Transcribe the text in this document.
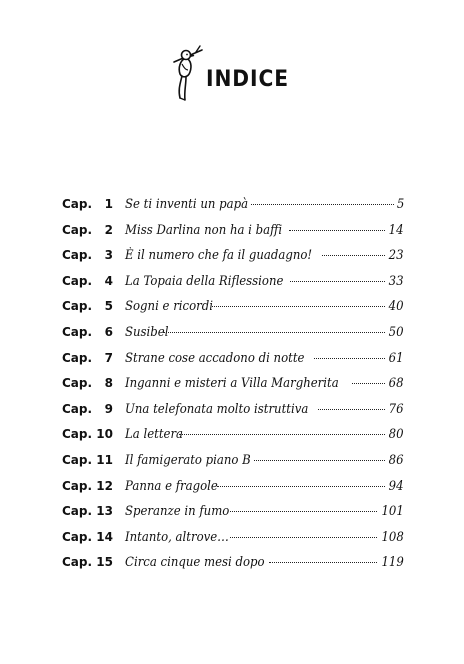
INDICE
Cap.	1 Se ti inventi un papà	5
Cap.	2 Miss Darlina non ha i baffi	14
Cap.	3 È il numero che fa il guadagno!	23
Cap.	4 La Topaia della Riflessione	33
Cap.	5 Sogni e ricordi	40
Cap.	6 Susibel	50
Cap.	7 Strane cose accadono di notte	61
Cap.	8 Inganni e misteri a Villa Margherita	68
Cap.	9 Una telefonata molto istruttiva	76
Cap. 10 La lettera	80
Cap. 11 Il famigerato piano B	86
Cap. 12 Panna e fragole	94
Cap. 13 Speranze in fumo	101
Cap. 14 Intanto, altrove…	108
Cap. 15 Circa cinque mesi dopo	119
